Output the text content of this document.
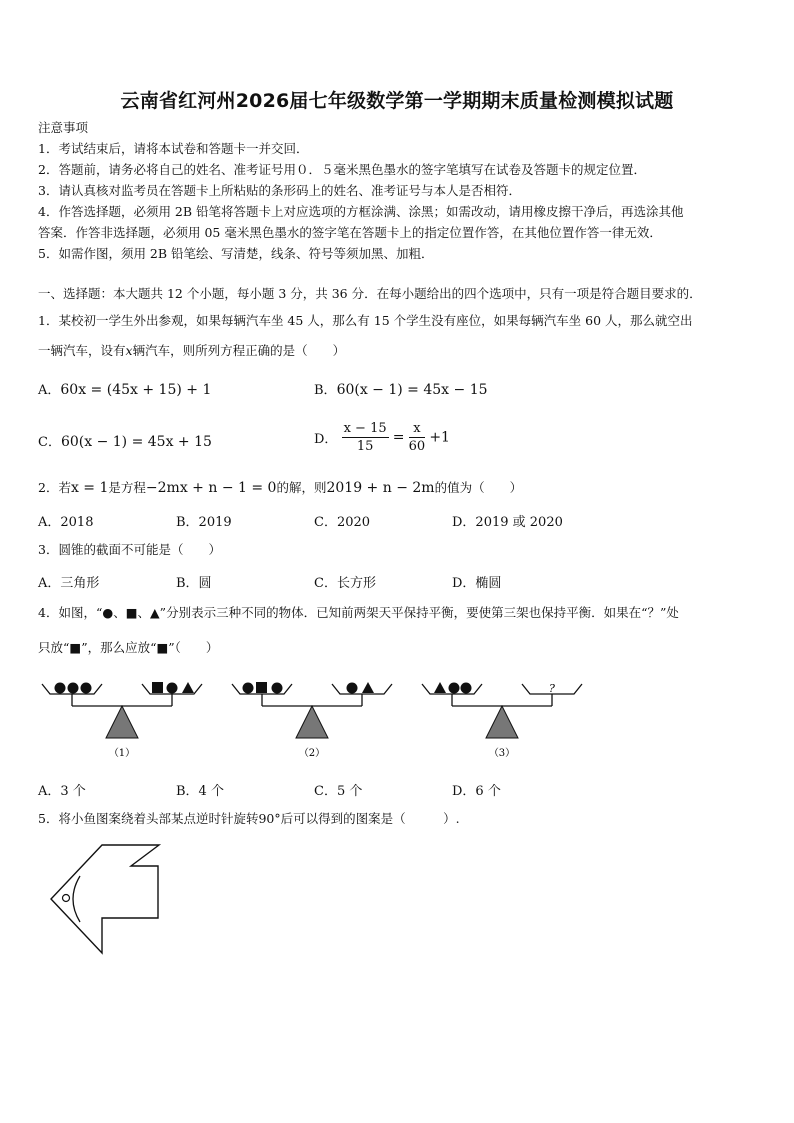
云南省红河州2026届七年级数学第一学期期末质量检测模拟试题
注意事项
1．考试结束后，请将本试卷和答题卡一并交回．
2．答题前，请务必将自己的姓名、准考证号用０．５毫米黑色墨水的签字笔填写在试卷及答题卡的规定位置．
3．请认真核对监考员在答题卡上所粘贴的条形码上的姓名、准考证号与本人是否相符．
4．作答选择题，必须用 2B 铅笔将答题卡上对应选项的方框涂满、涂黑；如需改动，请用橡皮擦干净后，再选涂其他
答案．作答非选择题，必须用 05 毫米黑色墨水的签字笔在答题卡上的指定位置作答，在其他位置作答一律无效．
5．如需作图，须用 2B 铅笔绘、写清楚，线条、符号等须加黑、加粗．
一、选择题：本大题共 12 个小题，每小题 3 分，共 36 分．在每小题给出的四个选项中，只有一项是符合题目要求的．
1．某校初一学生外出参观，如果每辆汽车坐 45 人，那么有 15 个学生没有座位，如果每辆汽车坐 60 人，那么就空出
一辆汽车，设有x辆汽车，则所列方程正确的是（　　）
A．60x = (45x + 15) + 1	B．60(x − 1) = 45x − 15
C．60(x − 1) = 45x + 15	D． $\frac{x - 15}{15} = \frac{x}{60} +1$
2．若x = 1是方程−2mx + n − 1 = 0的解，则2019 + n − 2m的值为（　　）
A．2018	B．2019	C．2020	D．2019 或 2020
3．圆锥的截面不可能是（　　）
A．三角形	B．圆	C．长方形	D．椭圆
4．如图，“●、■、▲”分别表示三种不同的物体．已知前两架天平保持平衡，要使第三架也保持平衡．如果在“？”处
只放“■”，那么应放“■”（　　）
（1）	（2）
?
（3）
A．3 个	B．4 个	C．5 个	D．6 个
5．将小鱼图案绕着头部某点逆时针旋转90°后可以得到的图案是（　　　）.
